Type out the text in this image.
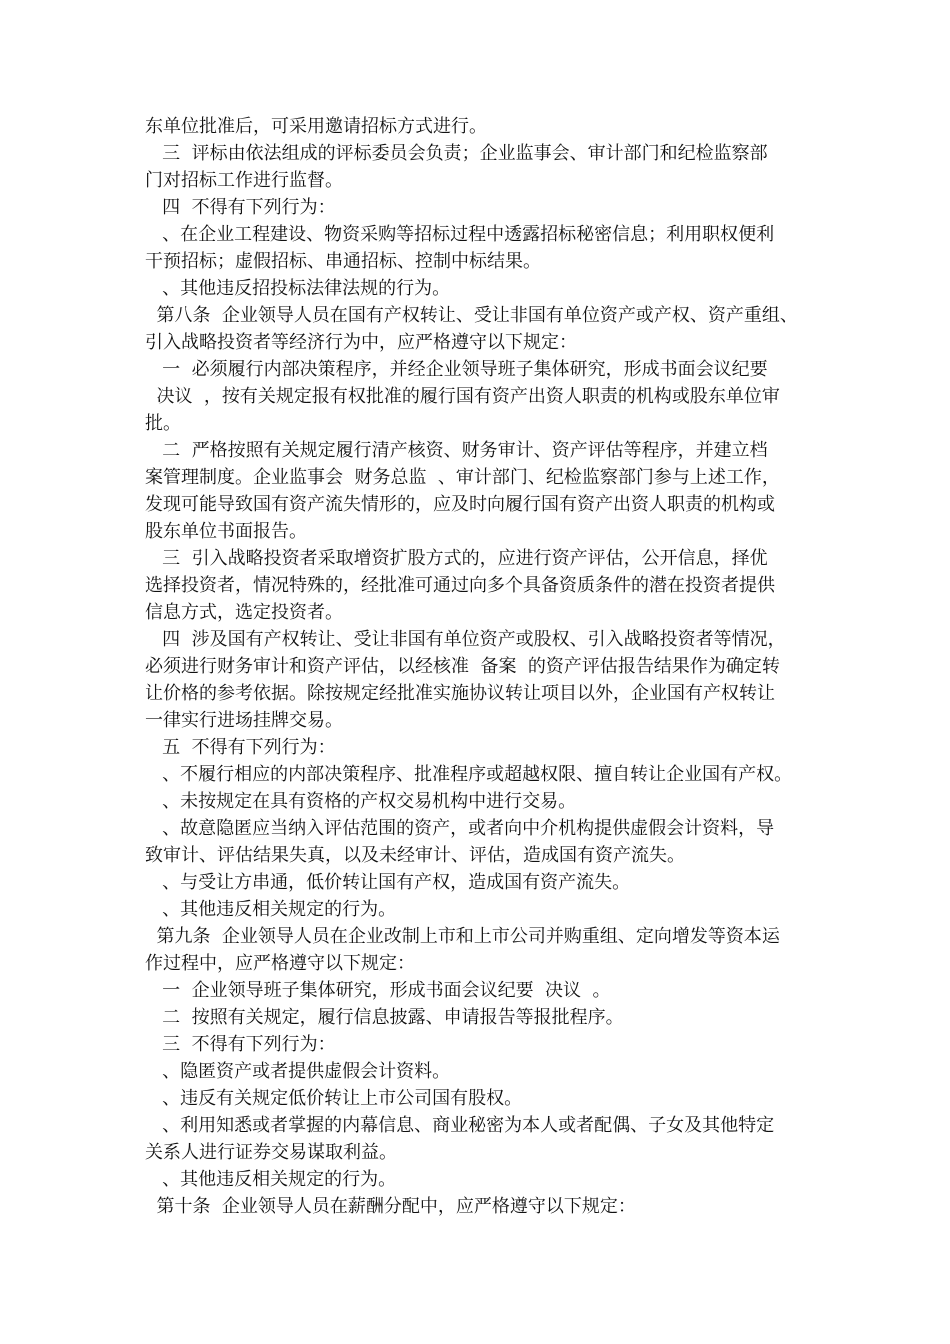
东单位批准后，可采用邀请招标方式进行。
三  评标由依法组成的评标委员会负责；企业监事会、审计部门和纪检监察部
门对招标工作进行监督。
四  不得有下列行为：
、在企业工程建设、物资采购等招标过程中透露招标秘密信息；利用职权便利
干预招标；虚假招标、串通招标、控制中标结果。
、其他违反招投标法律法规的行为。
第八条  企业领导人员在国有产权转让、受让非国有单位资产或产权、资产重组、
引入战略投资者等经济行为中，应严格遵守以下规定：
一  必须履行内部决策程序，并经企业领导班子集体研究，形成书面会议纪要
决议  ，按有关规定报有权批准的履行国有资产出资人职责的机构或股东单位审
批。
二  严格按照有关规定履行清产核资、财务审计、资产评估等程序，并建立档
案管理制度。企业监事会  财务总监  、审计部门、纪检监察部门参与上述工作，
发现可能导致国有资产流失情形的，应及时向履行国有资产出资人职责的机构或
股东单位书面报告。
三  引入战略投资者采取增资扩股方式的，应进行资产评估，公开信息，择优
选择投资者，情况特殊的，经批准可通过向多个具备资质条件的潜在投资者提供
信息方式，选定投资者。
四  涉及国有产权转让、受让非国有单位资产或股权、引入战略投资者等情况，
必须进行财务审计和资产评估，以经核准  备案  的资产评估报告结果作为确定转
让价格的参考依据。除按规定经批准实施协议转让项目以外，企业国有产权转让
一律实行进场挂牌交易。
五  不得有下列行为：
、不履行相应的内部决策程序、批准程序或超越权限、擅自转让企业国有产权。
、未按规定在具有资格的产权交易机构中进行交易。
、故意隐匿应当纳入评估范围的资产，或者向中介机构提供虚假会计资料，导
致审计、评估结果失真，以及未经审计、评估，造成国有资产流失。
、与受让方串通，低价转让国有产权，造成国有资产流失。
、其他违反相关规定的行为。
第九条  企业领导人员在企业改制上市和上市公司并购重组、定向增发等资本运
作过程中，应严格遵守以下规定：
一  企业领导班子集体研究，形成书面会议纪要  决议  。
二  按照有关规定，履行信息披露、申请报告等报批程序。
三  不得有下列行为：
、隐匿资产或者提供虚假会计资料。
、违反有关规定低价转让上市公司国有股权。
、利用知悉或者掌握的内幕信息、商业秘密为本人或者配偶、子女及其他特定
关系人进行证券交易谋取利益。
、其他违反相关规定的行为。
第十条  企业领导人员在薪酬分配中，应严格遵守以下规定：
